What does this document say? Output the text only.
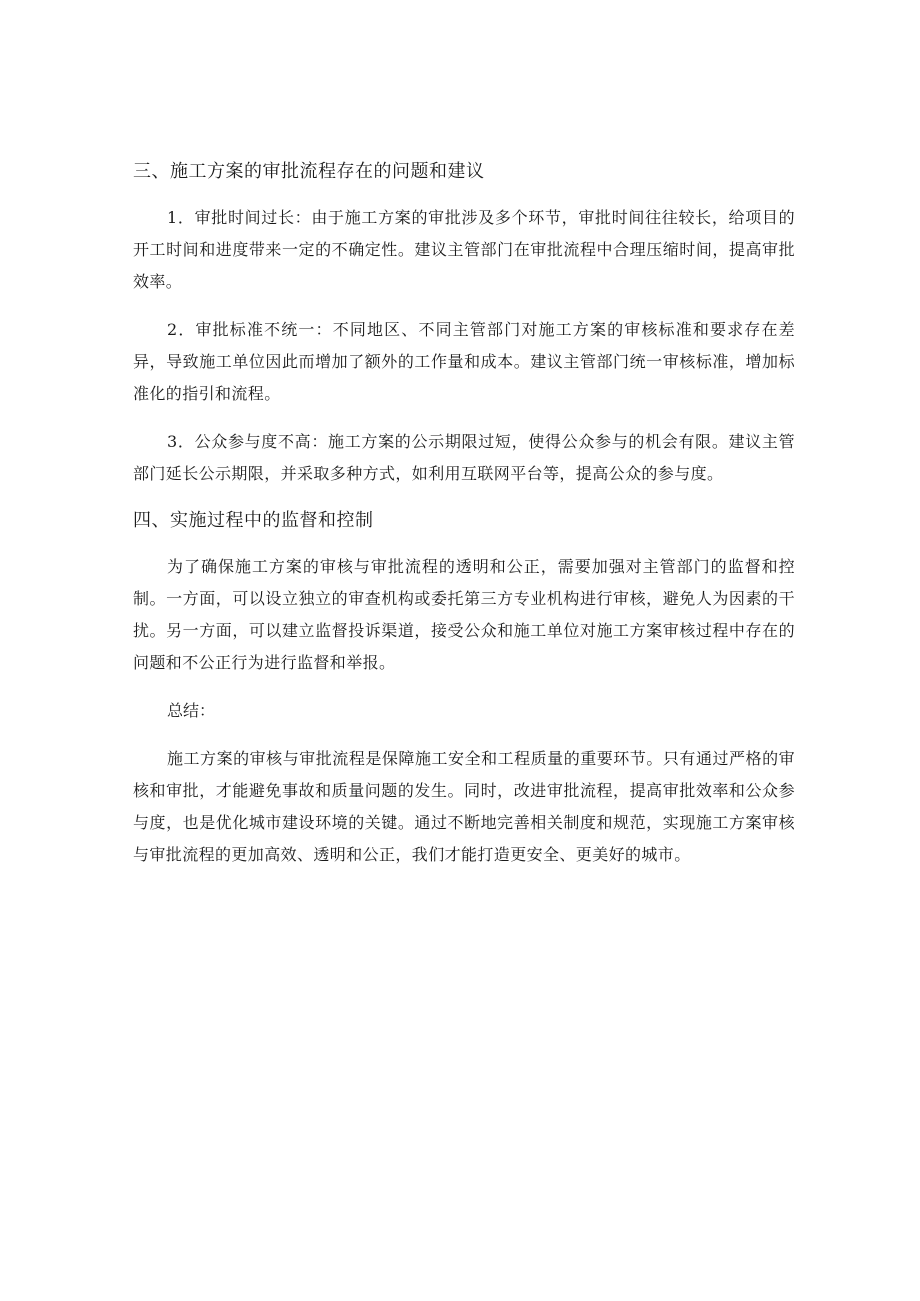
三、施工方案的审批流程存在的问题和建议

1．审批时间过长：由于施工方案的审批涉及多个环节，审批时间往往较长，给项目的开工时间和进度带来一定的不确定性。建议主管部门在审批流程中合理压缩时间，提高审批效率。

2．审批标准不统一：不同地区、不同主管部门对施工方案的审核标准和要求存在差异，导致施工单位因此而增加了额外的工作量和成本。建议主管部门统一审核标准，增加标准化的指引和流程。

3．公众参与度不高：施工方案的公示期限过短，使得公众参与的机会有限。建议主管部门延长公示期限，并采取多种方式，如利用互联网平台等，提高公众的参与度。

四、实施过程中的监督和控制

为了确保施工方案的审核与审批流程的透明和公正，需要加强对主管部门的监督和控制。一方面，可以设立独立的审查机构或委托第三方专业机构进行审核，避免人为因素的干扰。另一方面，可以建立监督投诉渠道，接受公众和施工单位对施工方案审核过程中存在的问题和不公正行为进行监督和举报。

总结：

施工方案的审核与审批流程是保障施工安全和工程质量的重要环节。只有通过严格的审核和审批，才能避免事故和质量问题的发生。同时，改进审批流程，提高审批效率和公众参与度，也是优化城市建设环境的关键。通过不断地完善相关制度和规范，实现施工方案审核与审批流程的更加高效、透明和公正，我们才能打造更安全、更美好的城市。
